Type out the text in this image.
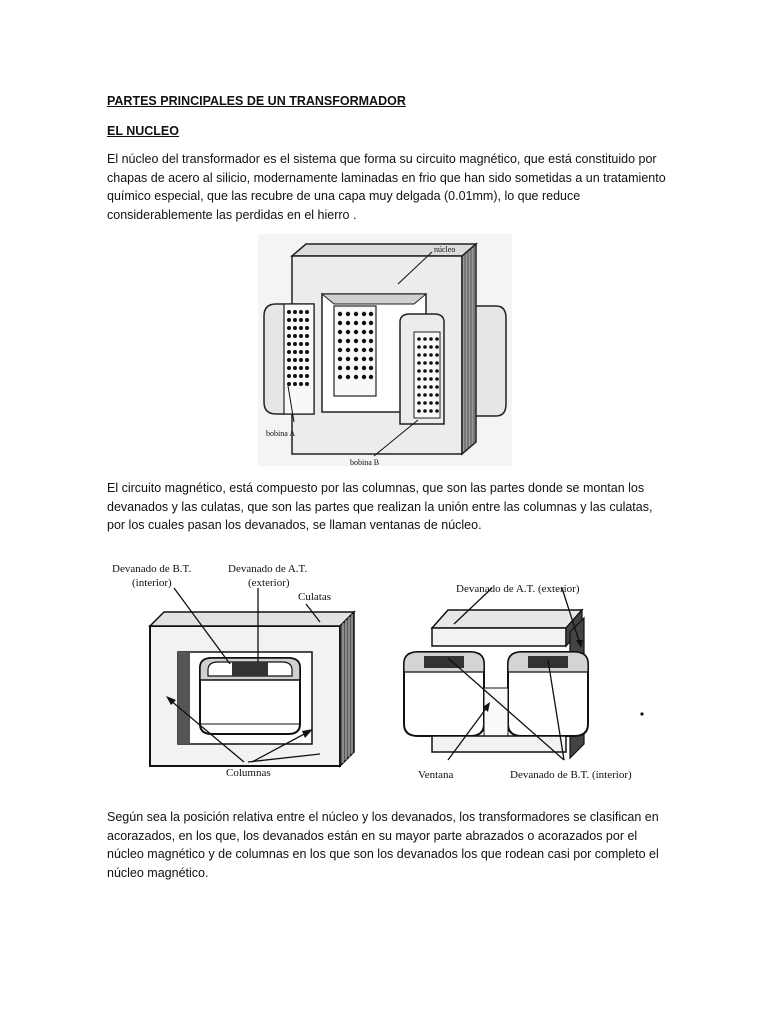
PARTES PRINCIPALES DE UN TRANSFORMADOR
EL NUCLEO
El núcleo del transformador es el sistema que forma su circuito magnético, que está constituido por chapas de acero al silicio, modernamente laminadas en frio que han sido sometidas a un tratamiento químico especial, que las recubre de una capa muy delgada (0.01mm), lo que reduce considerablemente las perdidas en el hierro .
núcleo
bobina A
bobina B
El circuito magnético, está compuesto por las columnas, que son las partes donde se montan los devanados y las culatas, que son las partes que realizan la unión entre las columnas y las culatas, por los cuales pasan los devanados, se llaman ventanas de núcleo.
Devanado de B.T.
(interior)
Devanado de A.T.
(exterior)
Culatas
Columnas
Devanado de A.T. (exterior)
Ventana	Devanado de B.T. (interior)
Según sea la posición relativa entre el núcleo y los devanados, los transformadores se clasifican en acorazados, en los que, los devanados están en su mayor parte abrazados o acorazados por el núcleo magnético y de columnas en los que son los devanados los que rodean casi por completo el núcleo magnético.
